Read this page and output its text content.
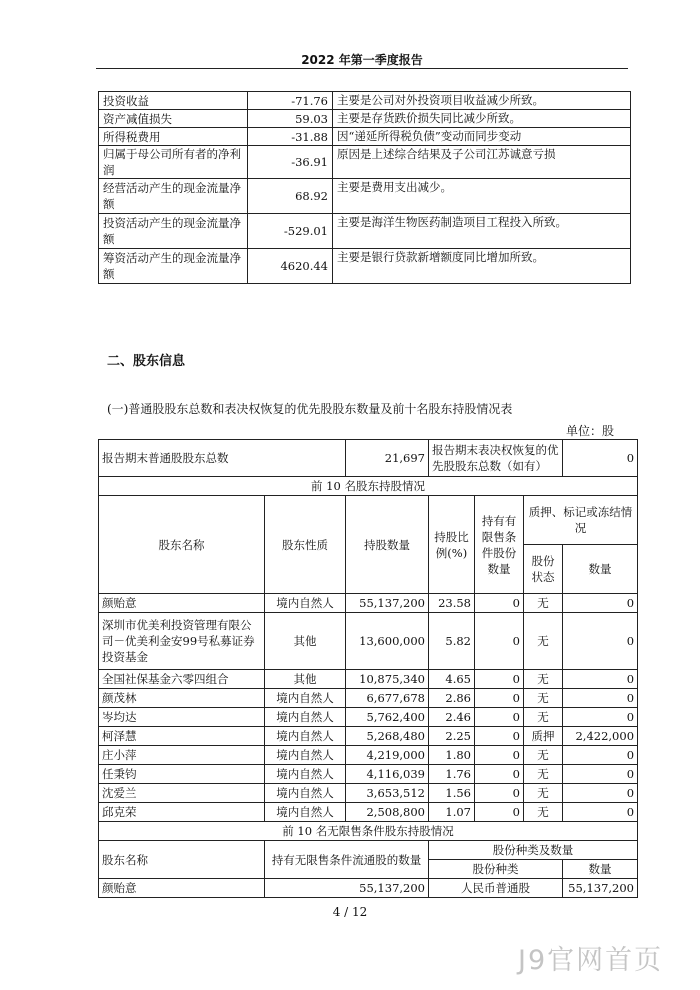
2022 年第一季度报告
投资收益	-71.76	主要是公司对外投资项目收益减少所致。
资产减值损失	59.03	主要是存货跌价损失同比减少所致。
所得税费用	-31.88	因“递延所得税负债”变动而同步变动
归属于母公司所有者的净利润	-36.91	原因是上述综合结果及子公司江苏诚意亏损
经营活动产生的现金流量净额	68.92	主要是费用支出减少。
投资活动产生的现金流量净额	-529.01	主要是海洋生物医药制造项目工程投入所致。
筹资活动产生的现金流量净额	4620.44	主要是银行贷款新增额度同比增加所致。
二、股东信息
(一)普通股股东总数和表决权恢复的优先股股东数量及前十名股东持股情况表
单位：股
报告期末普通股股东总数		21,697	报告期末表决权恢复的优先股股东总数（如有）			0
前 10 名股东持股情况						
股东名称	股东性质	持股数量	持股比例(%)	持有有限售条件股份数量	质押、标记或冻结情况	
					股份状态	数量
颜贻意	境内自然人	55,137,200	23.58	0	无	0
深圳市优美利投资管理有限公司－优美利金安99号私募证券投资基金	其他	13,600,000	5.82	0	无	0
全国社保基金六零四组合	其他	10,875,340	4.65	0	无	0
颜茂林	境内自然人	6,677,678	2.86	0	无	0
岑均达	境内自然人	5,762,400	2.46	0	无	0
柯泽慧	境内自然人	5,268,480	2.25	0	质押	2,422,000
庄小萍	境内自然人	4,219,000	1.80	0	无	0
任秉钧	境内自然人	4,116,039	1.76	0	无	0
沈爱兰	境内自然人	3,653,512	1.56	0	无	0
邱克荣	境内自然人	2,508,800	1.07	0	无	0
前 10 名无限售条件股东持股情况						
股东名称	持有无限售条件流通股的数量		股份种类及数量			
			股份种类			数量
颜贻意	55,137,200		人民币普通股			55,137,200
4 / 12
J9官网首页
